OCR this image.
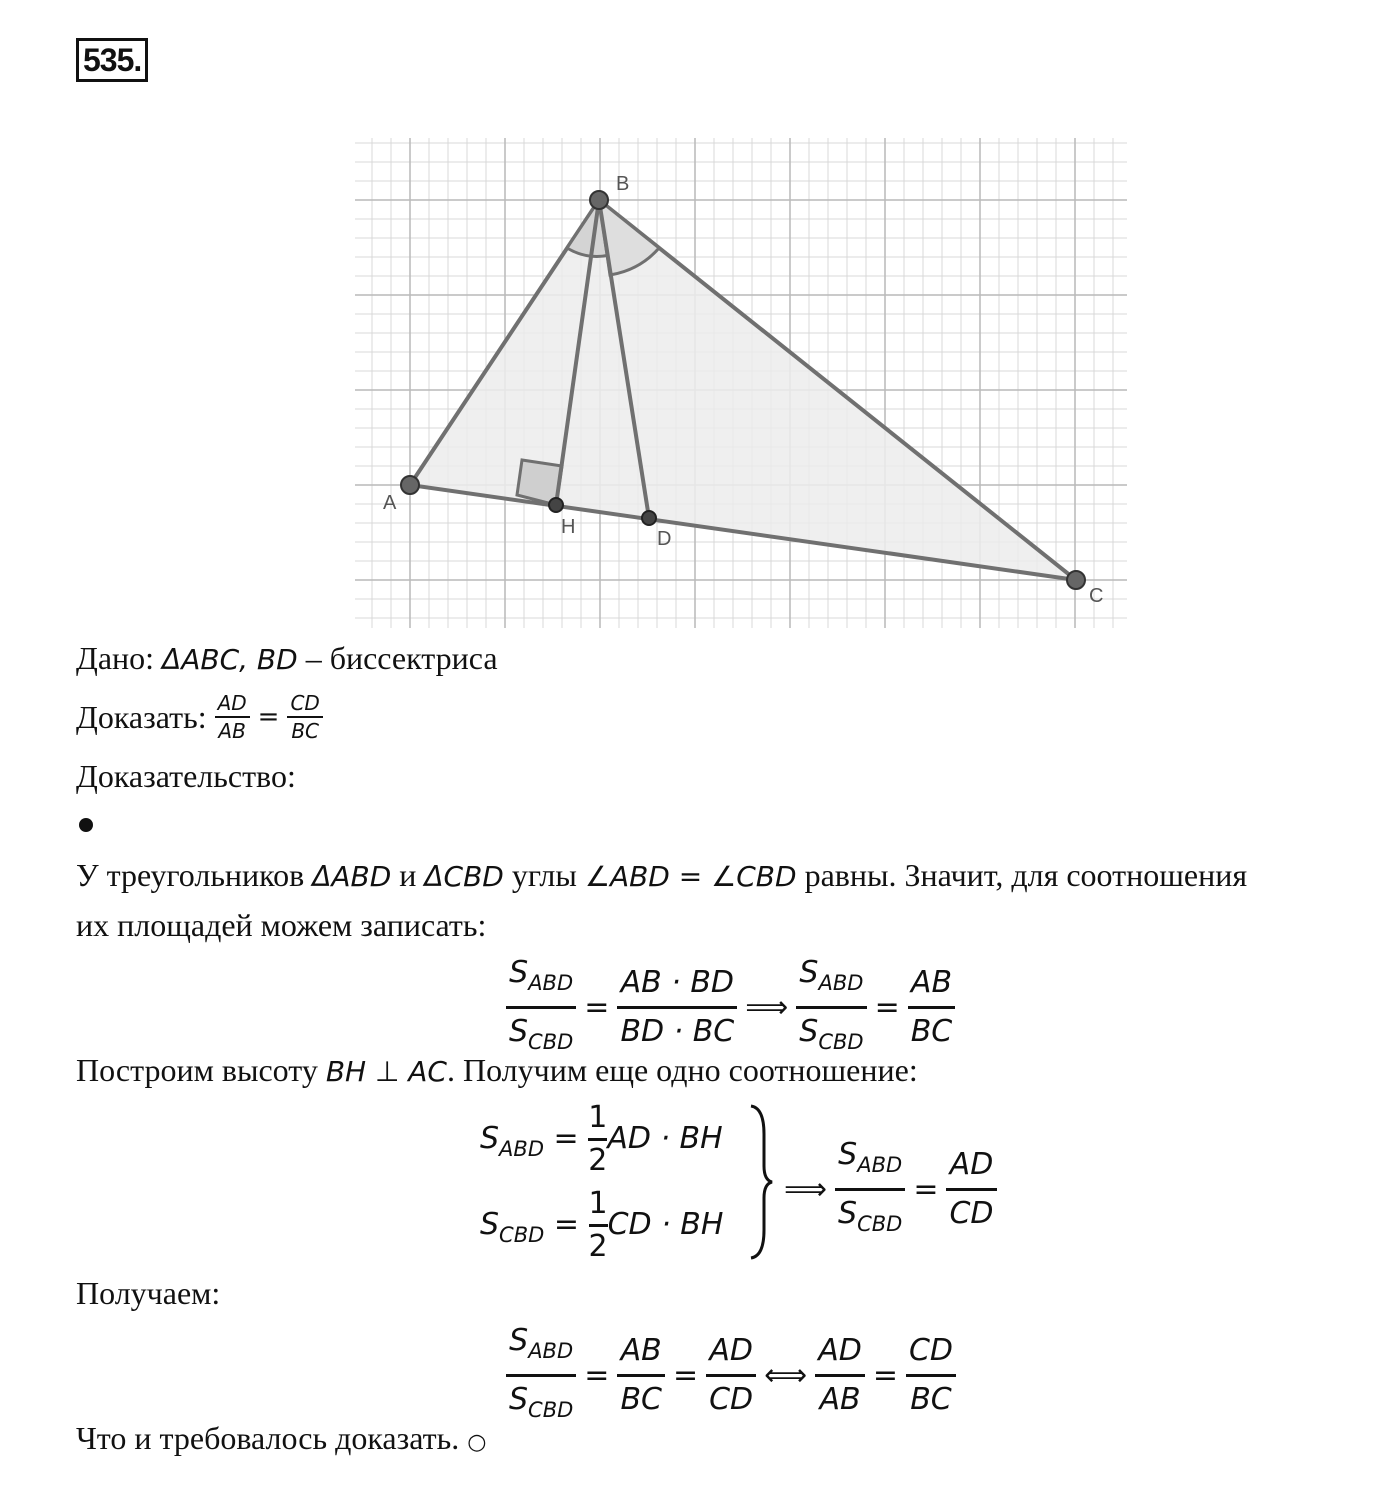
535.
A
B
C
H
D
Дано: ΔABC, BD – биссектриса
Доказать: $\frac{AD}{AB} = \frac{CD}{BC}$
Доказательство:
У треугольников ΔABD и ΔCBD углы ∠ABD = ∠CBD равны. Значит, для соотношения
их площадей можем записать:
$\frac{S_{ABD}}{S_{CBD}} = \frac{AB \cdot BD}{BD \cdot BC}$ ⟹ $\frac{S_{ABD}}{S_{CBD}} = \frac{AB}{BC}$
Построим высоту BH ⊥ AC. Получим еще одно соотношение:
$S_{ABD} = \frac{1}{2}$ AD · BH
$S_{CBD} = \frac{1}{2}$ CD · BH
⟹ $\frac{S_{ABD}}{S_{CBD}} = \frac{AD}{CD}$
Получаем:
$\frac{S_{ABD}}{S_{CBD}} = \frac{AB}{BC} = \frac{AD}{CD}$ ⟺ $\frac{AD}{AB} = \frac{CD}{BC}$
Что и требовалось доказать. ○
